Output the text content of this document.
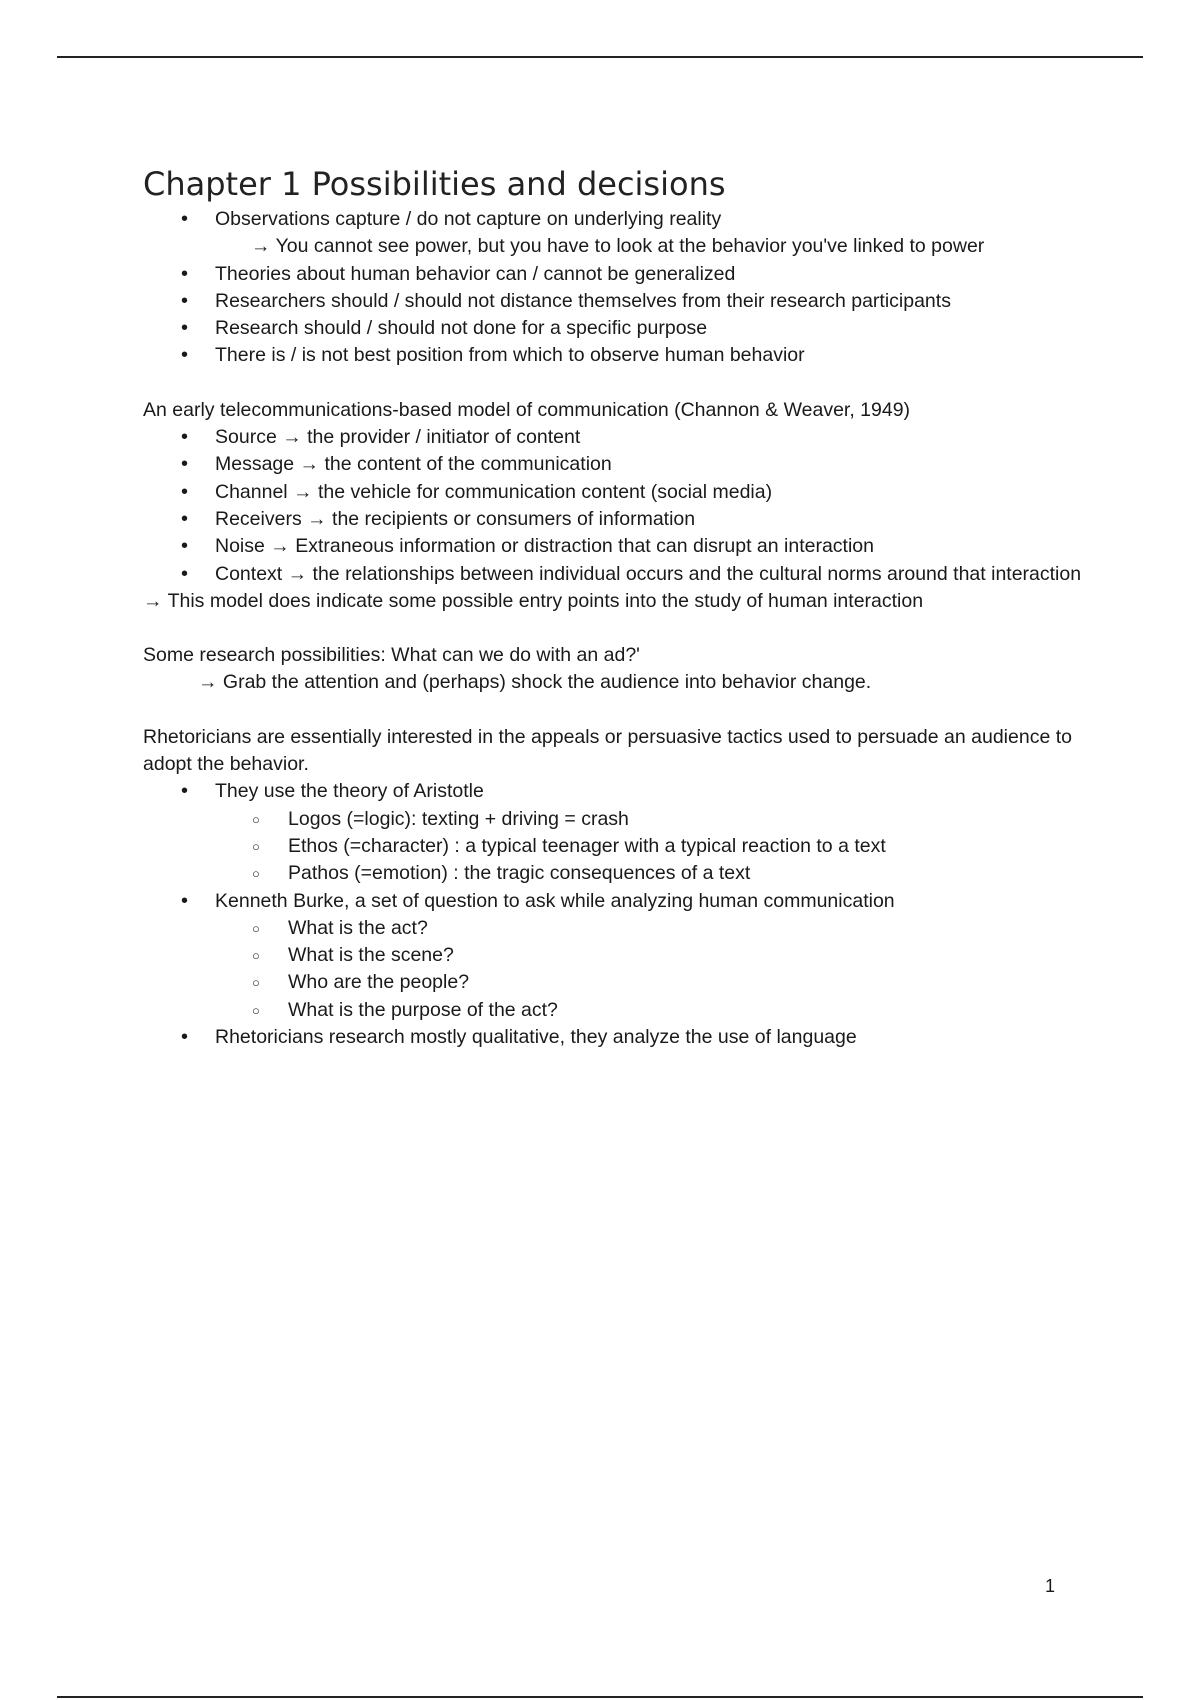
Chapter 1 Possibilities and decisions
• Observations capture / do not capture on underlying reality
→ You cannot see power, but you have to look at the behavior you've linked to power
• Theories about human behavior can / cannot be generalized
• Researchers should / should not distance themselves from their research participants
• Research should / should not done for a specific purpose
• There is / is not best position from which to observe human behavior

An early telecommunications-based model of communication (Channon & Weaver, 1949)

• Source → the provider / initiator of content
• Message → the content of the communication
• Channel → the vehicle for communication content (social media)
• Receivers → the recipients or consumers of information
• Noise → Extraneous information or distraction that can disrupt an interaction
• Context → the relationships between individual occurs and the cultural norms around that interaction

→ This model does indicate some possible entry points into the study of human interaction

Some research possibilities: What can we do with an ad?'

→ Grab the attention and (perhaps) shock the audience into behavior change.

Rhetoricians are essentially interested in the appeals or persuasive tactics used to persuade an audience to adopt the behavior.

• They use the theory of Aristotle
○ Logos (=logic): texting + driving = crash
○ Ethos (=character) : a typical teenager with a typical reaction to a text
○ Pathos (=emotion) : the tragic consequences of a text
• Kenneth Burke, a set of question to ask while analyzing human communication
○ What is the act?
○ What is the scene?
○ Who are the people?
○ What is the purpose of the act?
• Rhetoricians research mostly qualitative, they analyze the use of language
1
